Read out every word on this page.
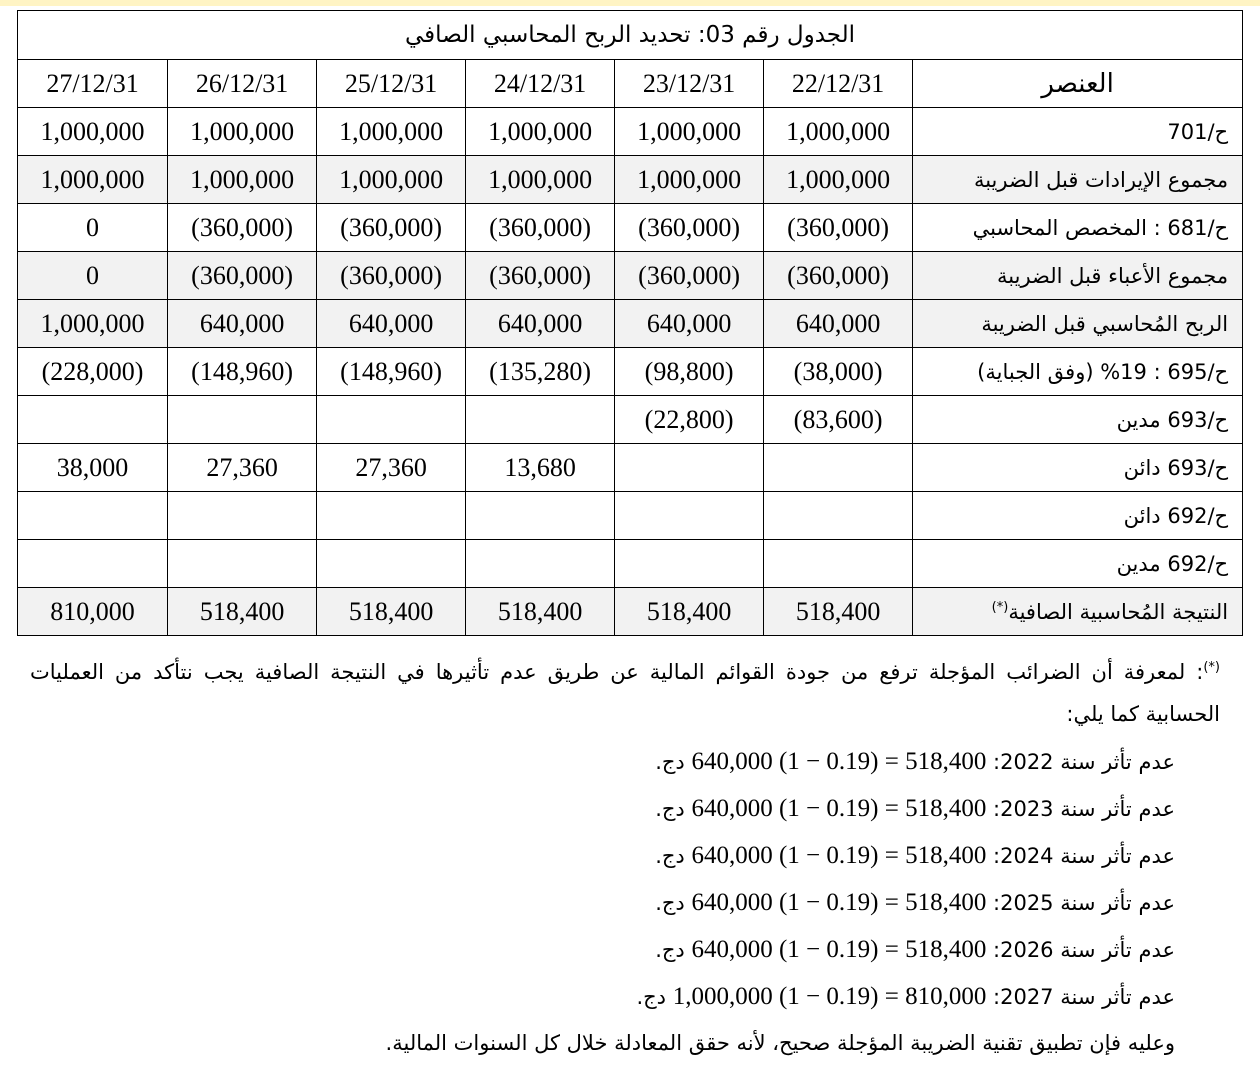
الجدول رقم 03: تحديد الربح المحاسبي الصافي						
العنصر	22/12/31	23/12/31	24/12/31	25/12/31	26/12/31	27/12/31
ح/701	1,000,000	1,000,000	1,000,000	1,000,000	1,000,000	1,000,000
مجموع الإيرادات قبل الضريبة	1,000,000	1,000,000	1,000,000	1,000,000	1,000,000	1,000,000
ح/681 : المخصص المحاسبي	(360,000)	(360,000)	(360,000)	(360,000)	(360,000)	0
مجموع الأعباء قبل الضريبة	(360,000)	(360,000)	(360,000)	(360,000)	(360,000)	0
الربح المُحاسبي قبل الضريبة	640,000	640,000	640,000	640,000	640,000	1,000,000
ح/695 : 19% (وفق الجباية)	(38,000)	(98,800)	(135,280)	(148,960)	(148,960)	(228,000)
ح/693 مدين	(83,600)	(22,800)				
ح/693 دائن			13,680	27,360	27,360	38,000
ح/692 دائن						
ح/692 مدين						
النتيجة المُحاسبية الصافية(*)	518,400	518,400	518,400	518,400	518,400	810,000
(*): لمعرفة أن الضرائب المؤجلة ترفع من جودة القوائم المالية عن طريق عدم تأثيرها في النتيجة الصافية يجب نتأكد من العمليات
الحسابية كما يلي:
عدم تأثر سنة 2022: 640,000 (1 − 0.19) = 518,400 دج.
عدم تأثر سنة 2023: 640,000 (1 − 0.19) = 518,400 دج.
عدم تأثر سنة 2024: 640,000 (1 − 0.19) = 518,400 دج.
عدم تأثر سنة 2025: 640,000 (1 − 0.19) = 518,400 دج.
عدم تأثر سنة 2026: 640,000 (1 − 0.19) = 518,400 دج.
عدم تأثر سنة 2027: 1,000,000 (1 − 0.19) = 810,000 دج.
وعليه فإن تطبيق تقنية الضريبة المؤجلة صحيح، لأنه حقق المعادلة خلال كل السنوات المالية.
